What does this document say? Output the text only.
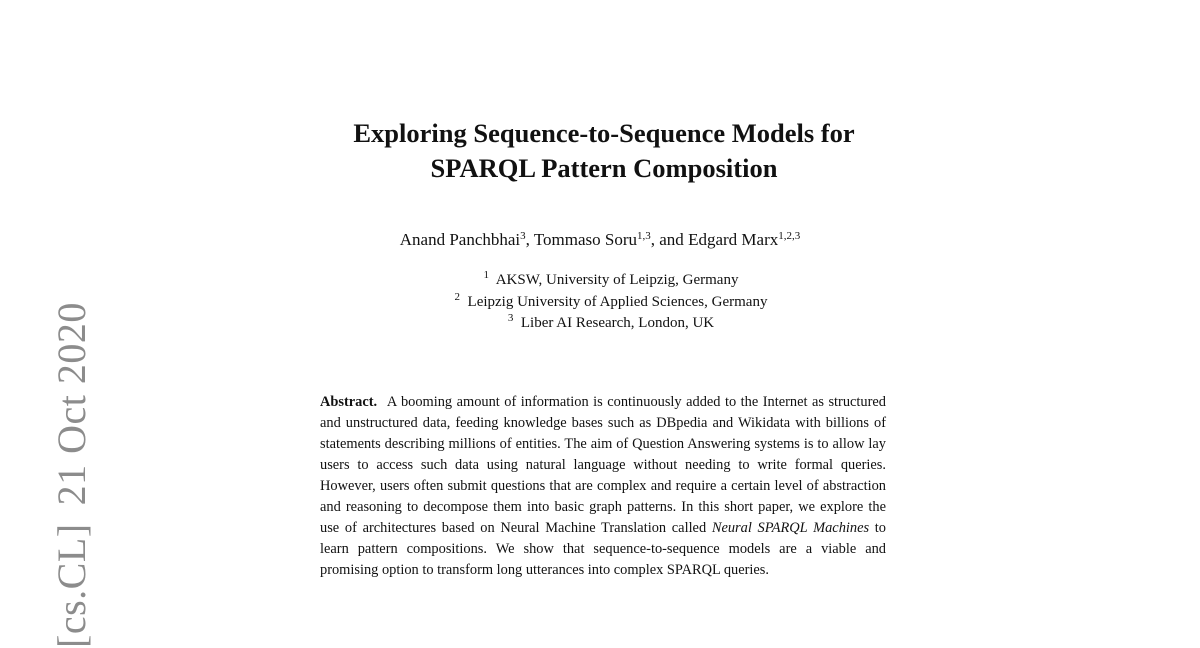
[cs.CL]21 Oct 2020
Exploring Sequence-to-Sequence Models for
SPARQL Pattern Composition
Anand Panchbhai$^3$, Tommaso Soru$^{1,3}$, and Edgard Marx$^{1,2,3}$
$^1$ AKSW, University of Leipzig, Germany
$^2$ Leipzig University of Applied Sciences, Germany
$^3$ Liber AI Research, London, UK
Abstract. A booming amount of information is continuously added to the Internet as structured and unstructured data, feeding knowledge bases such as DBpedia and Wikidata with billions of statements describing millions of entities. The aim of Question Answering systems is to allow lay users to access such data using natural language without needing to write formal queries. However, users often submit questions that are complex and require a certain level of abstraction and reasoning to decompose them into basic graph patterns. In this short paper, we explore the use of architectures based on Neural Machine Translation called Neural SPARQL Machines to learn pattern compositions. We show that sequence-to-sequence models are a viable and promising option to transform long utterances into complex SPARQL queries.
